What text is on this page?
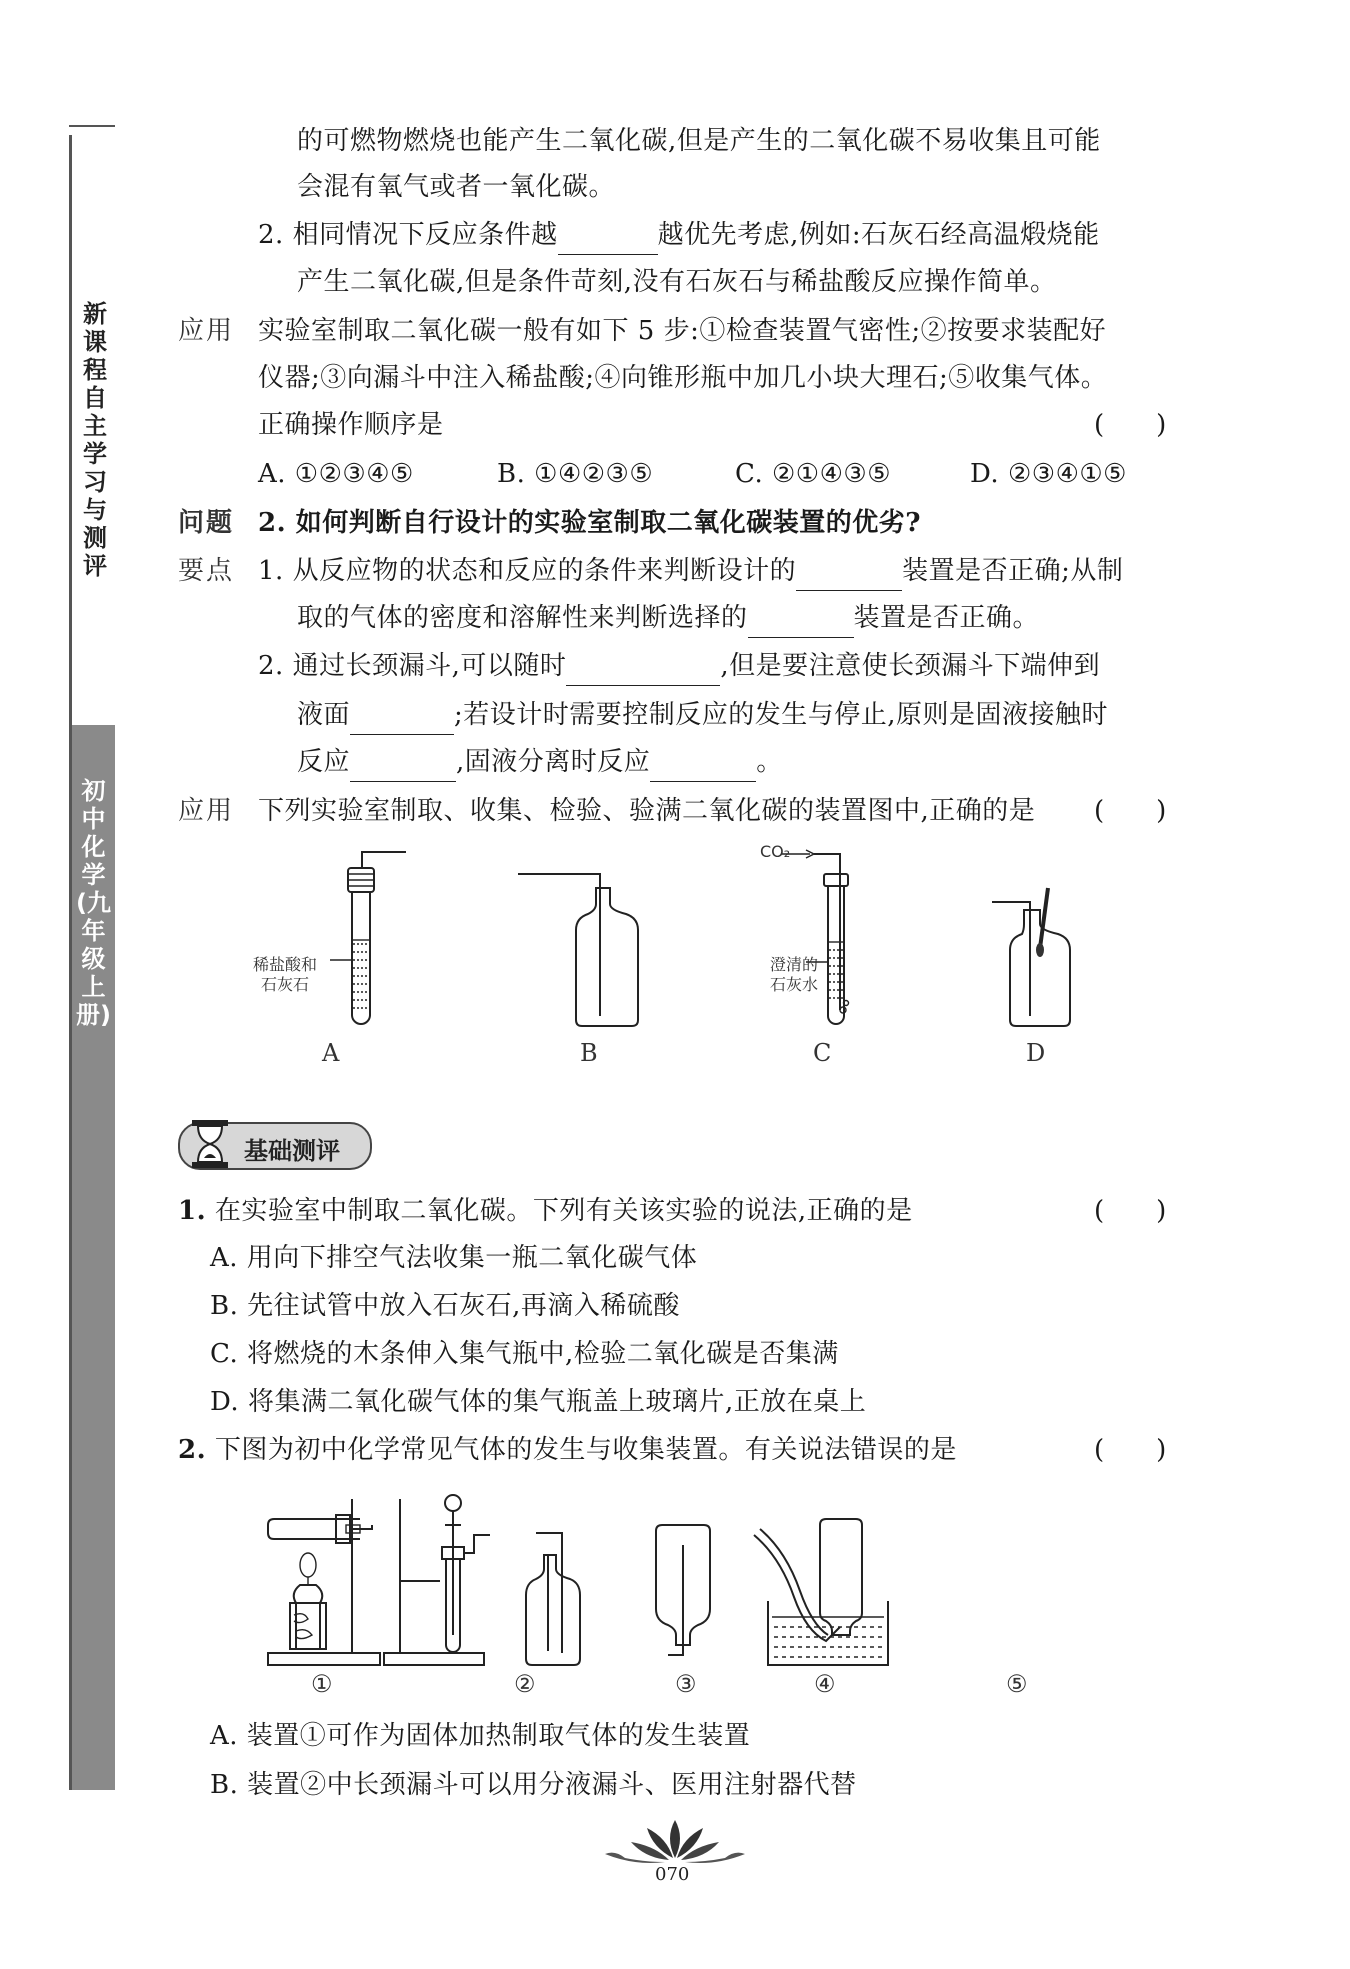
新课程自主学习与测评
初中化学(九年级上册)
的可燃物燃烧也能产生二氧化碳,但是产生的二氧化碳不易收集且可能
会混有氧气或者一氧化碳。
2. 相同情况下反应条件越	越优先考虑,例如:石灰石经高温煅烧能
产生二氧化碳,但是条件苛刻,没有石灰石与稀盐酸反应操作简单。
应用 实验室制取二氧化碳一般有如下 5 步:①检查装置气密性;②按要求装配好
仪器;③向漏斗中注入稀盐酸;④向锥形瓶中加几小块大理石;⑤收集气体。
正确操作顺序是	(　　)
A. ①②③④⑤	B. ①④②③⑤	C. ②①④③⑤	D. ②③④①⑤
问题 2. 如何判断自行设计的实验室制取二氧化碳装置的优劣?
要点 1. 从反应物的状态和反应的条件来判断设计的	装置是否正确;从制
取的气体的密度和溶解性来判断选择的	装置是否正确。
2. 通过长颈漏斗,可以随时	,但是要注意使长颈漏斗下端伸到
液面	;若设计时需要控制反应的发生与停止,原则是固液接触时
反应	,固液分离时反应	。
应用 下列实验室制取、收集、检验、验满二氧化碳的装置图中,正确的是 (　　)
稀盐酸和
石灰石
CO₂
澄清的
石灰水
A	B	C	D
基础测评
1. 在实验室中制取二氧化碳。下列有关该实验的说法,正确的是	(　　)
A. 用向下排空气法收集一瓶二氧化碳气体
B. 先往试管中放入石灰石,再滴入稀硫酸
C. 将燃烧的木条伸入集气瓶中,检验二氧化碳是否集满
D. 将集满二氧化碳气体的集气瓶盖上玻璃片,正放在桌上
2. 下图为初中化学常见气体的发生与收集装置。有关说法错误的是	(　　)
①	②	③	④	⑤
A. 装置①可作为固体加热制取气体的发生装置
B. 装置②中长颈漏斗可以用分液漏斗、医用注射器代替
070
